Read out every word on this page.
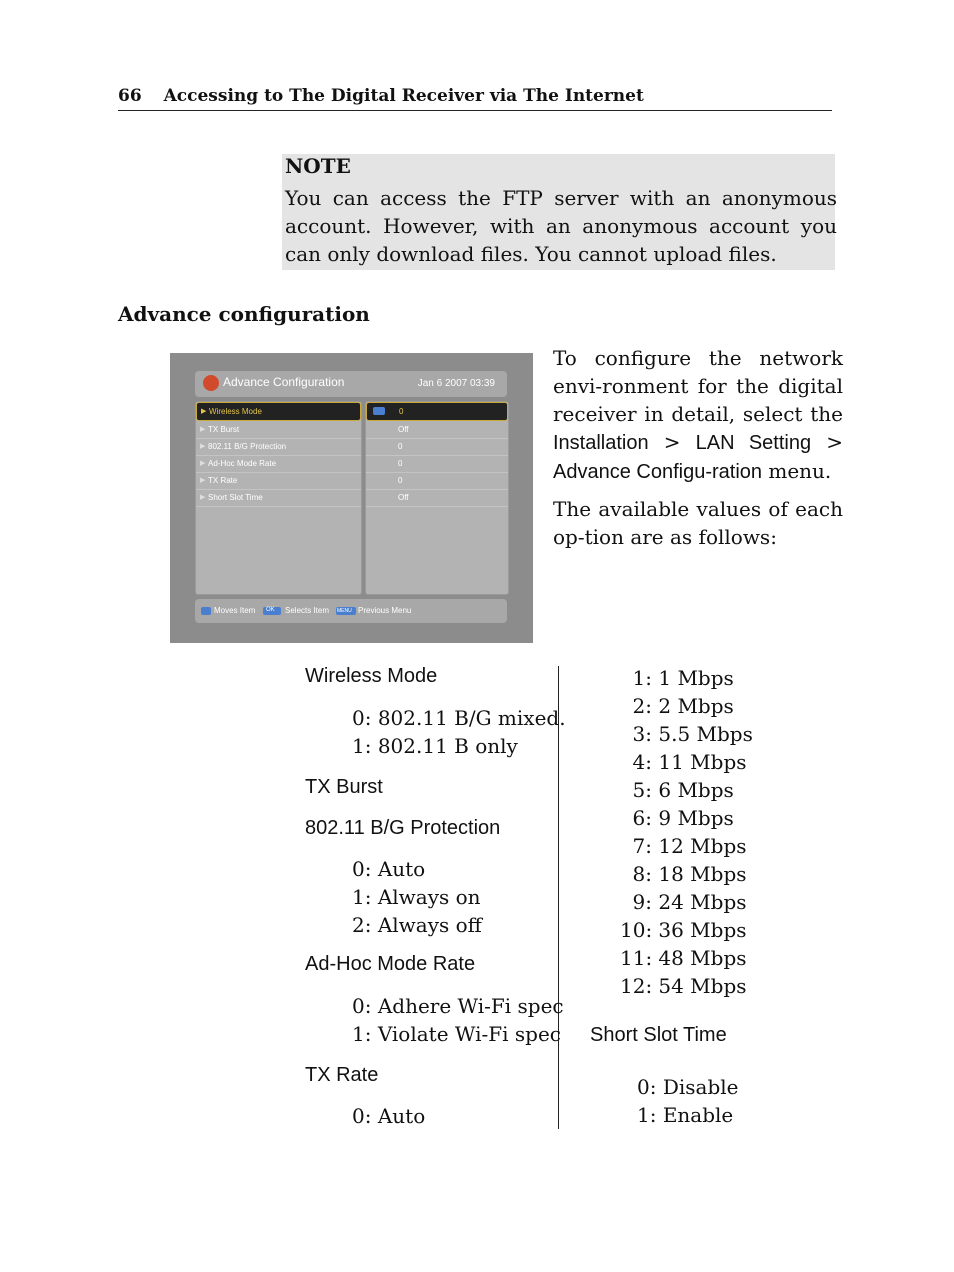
66 Accessing to The Digital Receiver via The Internet
NOTE
You can access the FTP server with an anonymous account. However, with an anonymous account you can only download files. You cannot upload files.
Advance configuration
Advance Configuration	Jan 6 2007 03:39
▶ Wireless Mode
▶ TX Burst
▶ 802.11 B/G Protection
▶ Ad-Hoc Mode Rate
▶ TX Rate
▶ Short Slot Time
0
Off
0
0
0
Off
Moves Item OK Selects Item MENU Previous Menu

To configure the network envi-ronment for the digital receiver in detail, select the Installation > LAN Setting > Advance Configu-ration menu.

The available values of each op-tion are as follows:

Wireless Mode
0: 802.11 B/G mixed.
1: 802.11 B only
TX Burst
802.11 B/G Protection
0: Auto
1: Always on
2: Always off
Ad-Hoc Mode Rate
0: Adhere Wi-Fi spec
1: Violate Wi-Fi spec
TX Rate
0: Auto
1: 1 Mbps
2: 2 Mbps
3: 5.5 Mbps
4: 11 Mbps
5: 6 Mbps
6: 9 Mbps
7: 12 Mbps
8: 18 Mbps
9: 24 Mbps
10: 36 Mbps
11: 48 Mbps
12: 54 Mbps
Short Slot Time
0: Disable
1: Enable
